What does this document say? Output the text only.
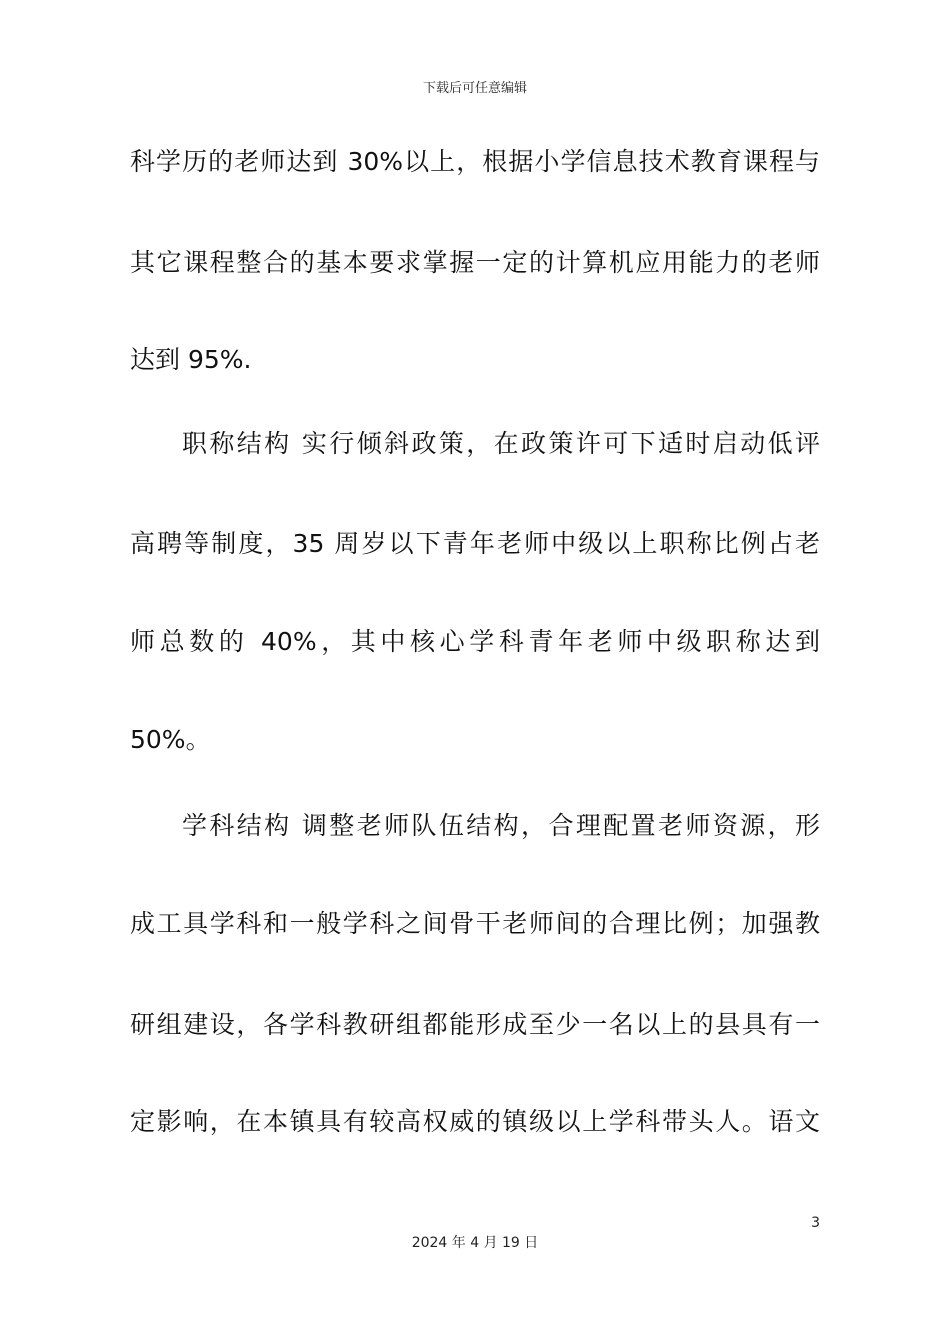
下载后可任意编辑
科学历的老师达到 30%以上，根据小学信息技术教育课程与
其它课程整合的基本要求掌握一定的计算机应用能力的老师
达到 95%.
职称结构 实行倾斜政策，在政策许可下适时启动低评
高聘等制度，35 周岁以下青年老师中级以上职称比例占老
师总数的 40%，其中核心学科青年老师中级职称达到
50%。
学科结构 调整老师队伍结构，合理配置老师资源，形
成工具学科和一般学科之间骨干老师间的合理比例；加强教
研组建设，各学科教研组都能形成至少一名以上的县具有一
定影响，在本镇具有较高权威的镇级以上学科带头人。语文
3
2024 年 4 月 19 日
